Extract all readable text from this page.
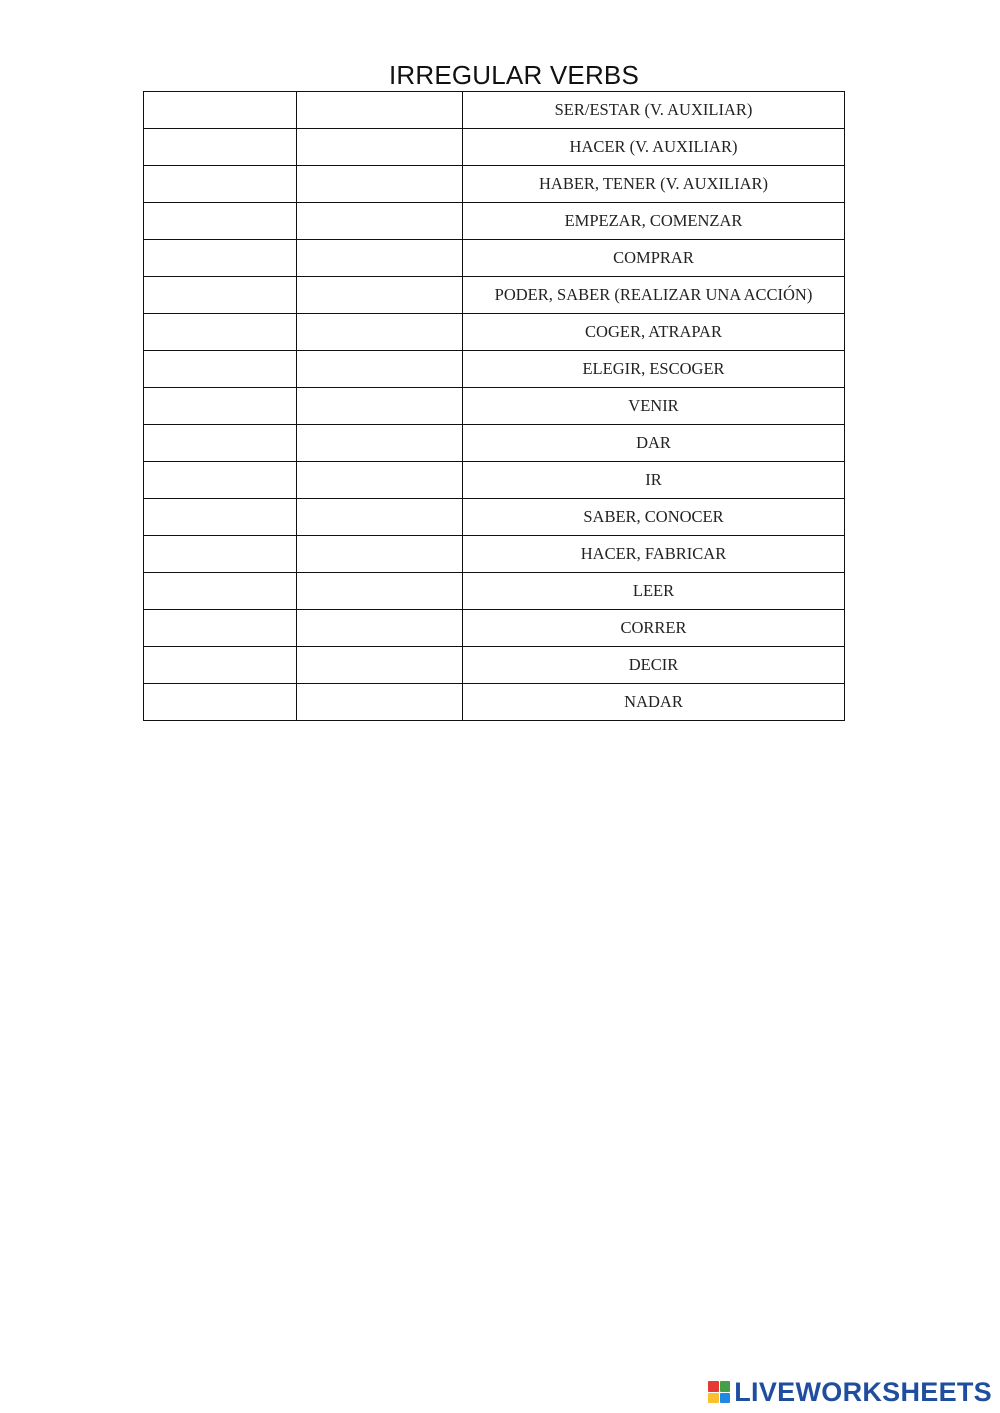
IRREGULAR VERBS
		SER/ESTAR (V. AUXILIAR)
		HACER (V. AUXILIAR)
		HABER, TENER (V. AUXILIAR)
		EMPEZAR, COMENZAR
		COMPRAR
		PODER, SABER (REALIZAR UNA ACCIÓN)
		COGER, ATRAPAR
		ELEGIR, ESCOGER
		VENIR
		DAR
		IR
		SABER, CONOCER
		HACER, FABRICAR
		LEER
		CORRER
		DECIR
		NADAR
LIVEWORKSHEETS
